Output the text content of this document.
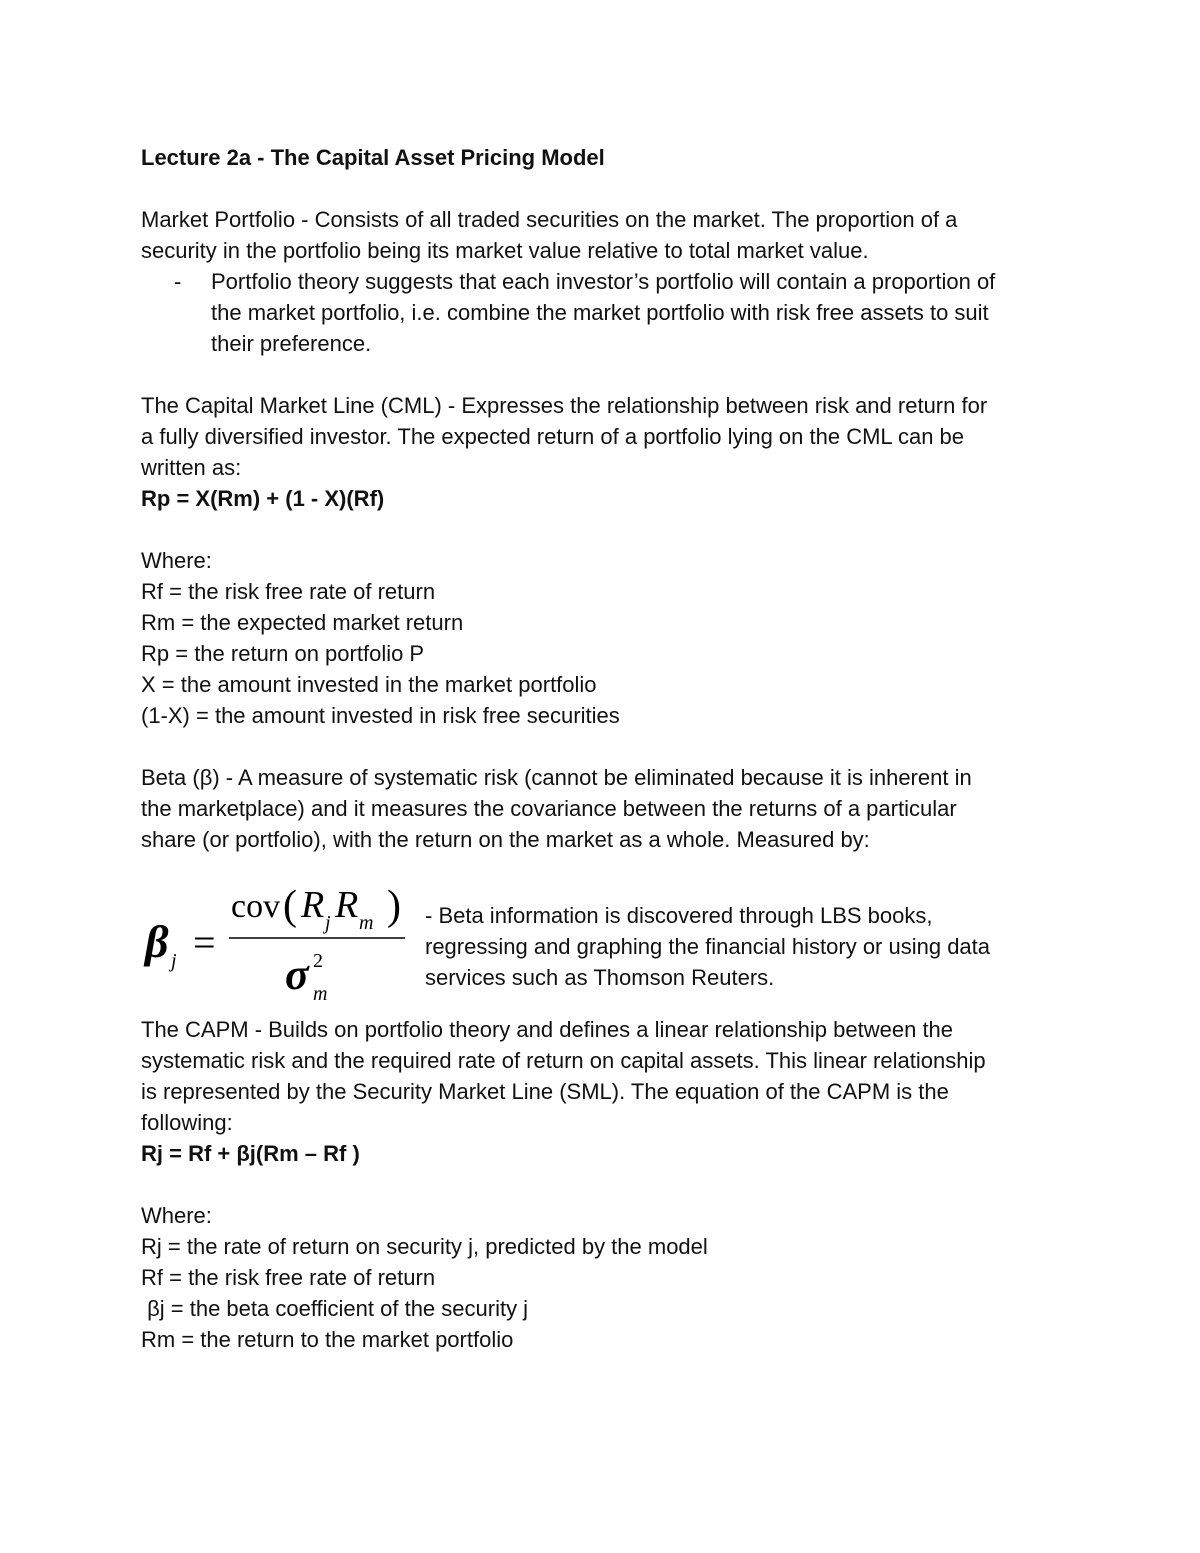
Lecture 2a - The Capital Asset Pricing Model
Market Portfolio - Consists of all traded securities on the market. The proportion of a
security in the portfolio being its market value relative to total market value.
-	Portfolio theory suggests that each investor’s portfolio will contain a proportion of
the market portfolio, i.e. combine the market portfolio with risk free assets to suit
their preference.
The Capital Market Line (CML) - Expresses the relationship between risk and return for
a fully diversified investor. The expected return of a portfolio lying on the CML can be
written as:
Rp = X(Rm) + (1 - X)(Rf)
Where:
Rf = the risk free rate of return
Rm = the expected market return
Rp = the return on portfolio P
X = the amount invested in the market portfolio
(1-X) = the amount invested in risk free securities
Beta (β) - A measure of systematic risk (cannot be eliminated because it is inherent in
the marketplace) and it measures the covariance between the returns of a particular
share (or portfolio), with the return on the market as a whole. Measured by:
β j =
cov ( R j R m )
σ 2
m
- Beta information is discovered through LBS books,
regressing and graphing the financial history or using data
services such as Thomson Reuters.
The CAPM - Builds on portfolio theory and defines a linear relationship between the
systematic risk and the required rate of return on capital assets. This linear relationship
is represented by the Security Market Line (SML). The equation of the CAPM is the
following:
Rj = Rf + βj(Rm – Rf )
Where:
Rj = the rate of return on security j, predicted by the model
Rf = the risk free rate of return
βj = the beta coefficient of the security j
Rm = the return to the market portfolio
